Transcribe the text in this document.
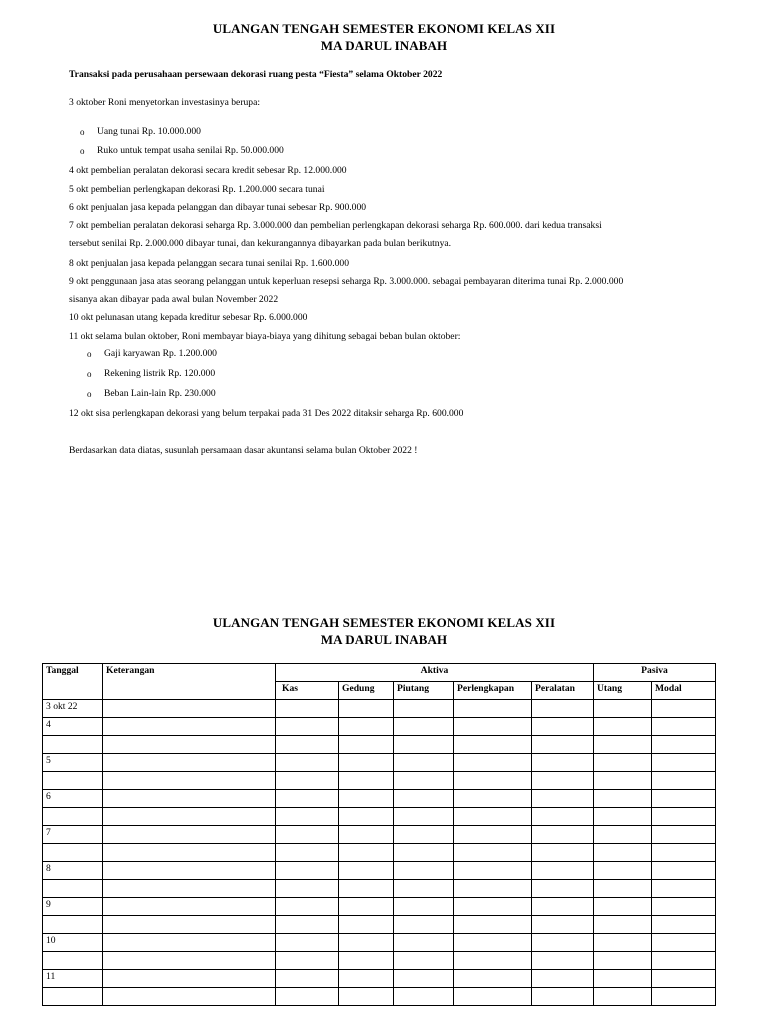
ULANGAN TENGAH SEMESTER EKONOMI KELAS XII
MA DARUL INABAH
Transaksi pada perusahaan persewaan dekorasi ruang pesta “Fiesta” selama Oktober 2022
3 oktober Roni menyetorkan investasinya berupa:
o Uang tunai Rp. 10.000.000
o Ruko untuk tempat usaha senilai Rp. 50.000.000
4 okt pembelian peralatan dekorasi secara kredit sebesar Rp. 12.000.000
5 okt pembelian perlengkapan dekorasi Rp. 1.200.000 secara tunai
6 okt penjualan jasa kepada pelanggan dan dibayar tunai sebesar Rp. 900.000
7 okt pembelian peralatan dekorasi seharga Rp. 3.000.000 dan pembelian perlengkapan dekorasi seharga Rp. 600.000. dari kedua transaksi
tersebut senilai Rp. 2.000.000 dibayar tunai, dan kekurangannya dibayarkan pada bulan berikutnya.
8 okt penjualan jasa kepada pelanggan secara tunai senilai Rp. 1.600.000
9 okt penggunaan jasa atas seorang pelanggan untuk keperluan resepsi seharga Rp. 3.000.000. sebagai pembayaran diterima tunai Rp. 2.000.000
sisanya akan dibayar pada awal bulan November 2022
10 okt pelunasan utang kepada kreditur sebesar Rp. 6.000.000
11 okt selama bulan oktober, Roni membayar biaya-biaya yang dihitung sebagai beban bulan oktober:
o Gaji karyawan Rp. 1.200.000
o Rekening listrik Rp. 120.000
o Beban Lain-lain Rp. 230.000
12 okt sisa perlengkapan dekorasi yang belum terpakai pada 31 Des 2022 ditaksir seharga Rp. 600.000
Berdasarkan data diatas, susunlah persamaan dasar akuntansi selama bulan Oktober 2022 !
ULANGAN TENGAH SEMESTER EKONOMI KELAS XII
MA DARUL INABAH
Tanggal	Keterangan	Aktiva					Pasiva	
		Kas	Gedung	Piutang	Perlengkapan	Peralatan	Utang	Modal
3 okt 22								
4								

5								

6								

7								

8								

9								

10								

11								
